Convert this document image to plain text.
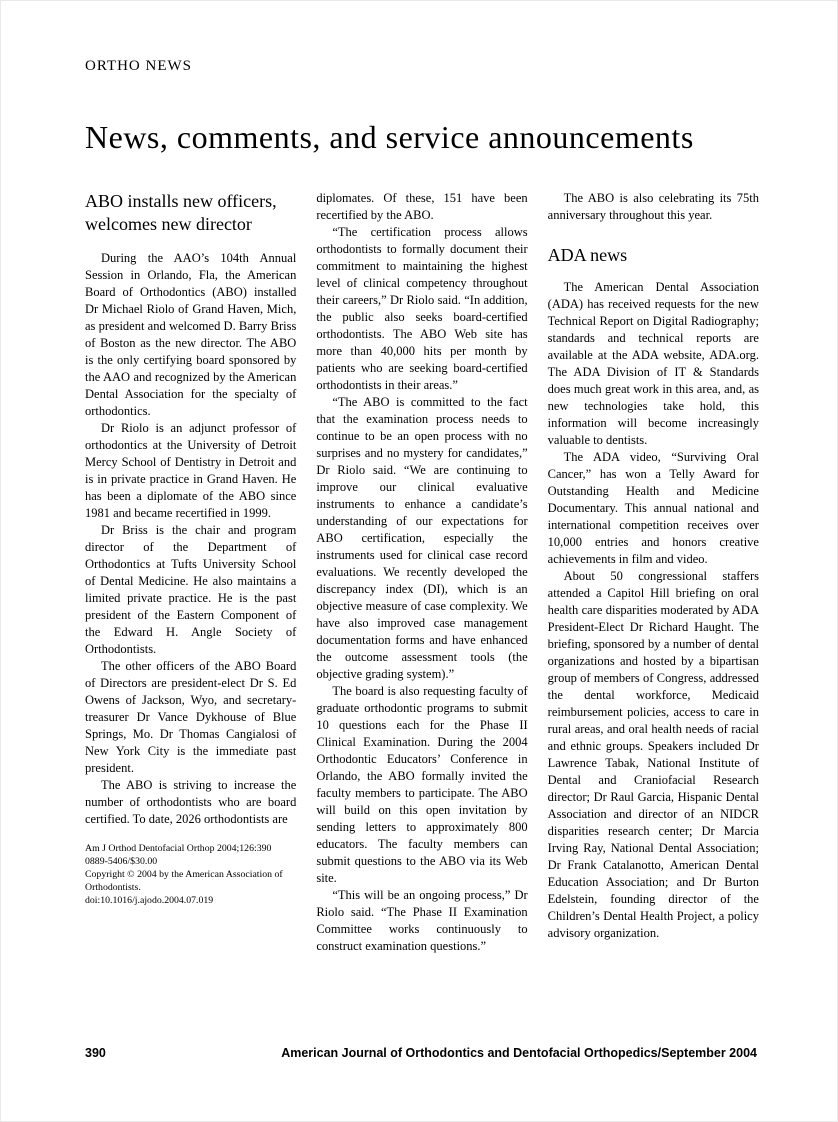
ORTHO NEWS
News, comments, and service announcements
ABO installs new officers, welcomes new director

During the AAO’s 104th Annual Session in Orlando, Fla, the American Board of Orthodontics (ABO) installed Dr Michael Riolo of Grand Haven, Mich, as president and welcomed D. Barry Briss of Boston as the new director. The ABO is the only certifying board sponsored by the AAO and recognized by the American Dental Association for the specialty of orthodontics.

Dr Riolo is an adjunct professor of orthodontics at the University of Detroit Mercy School of Dentistry in Detroit and is in private practice in Grand Haven. He has been a diplomate of the ABO since 1981 and became recertified in 1999.

Dr Briss is the chair and program director of the Department of Orthodontics at Tufts University School of Dental Medicine. He also maintains a limited private practice. He is the past president of the Eastern Component of the Edward H. Angle Society of Orthodontists.

The other officers of the ABO Board of Directors are president-elect Dr S. Ed Owens of Jackson, Wyo, and secretary-treasurer Dr Vance Dykhouse of Blue Springs, Mo. Dr Thomas Cangialosi of New York City is the immediate past president.

The ABO is striving to increase the number of orthodontists who are board certified. To date, 2026 orthodontists are

Am J Orthod Dentofacial Orthop 2004;126:390
0889-5406/$30.00
Copyright © 2004 by the American Association of Orthodontists.
doi:10.1016/j.ajodo.2004.07.019

diplomates. Of these, 151 have been recertified by the ABO.

“The certification process allows orthodontists to formally document their commitment to maintaining the highest level of clinical competency throughout their careers,” Dr Riolo said. “In addition, the public also seeks board-certified orthodontists. The ABO Web site has more than 40,000 hits per month by patients who are seeking board-certified orthodontists in their areas.”

“The ABO is committed to the fact that the examination process needs to continue to be an open process with no surprises and no mystery for candidates,” Dr Riolo said. “We are continuing to improve our clinical evaluative instruments to enhance a candidate’s understanding of our expectations for ABO certification, especially the instruments used for clinical case record evaluations. We recently developed the discrepancy index (DI), which is an objective measure of case complexity. We have also improved case management documentation forms and have enhanced the outcome assessment tools (the objective grading system).”

The board is also requesting faculty of graduate orthodontic programs to submit 10 questions each for the Phase II Clinical Examination. During the 2004 Orthodontic Educators’ Conference in Orlando, the ABO formally invited the faculty members to participate. The ABO will build on this open invitation by sending letters to approximately 800 educators. The faculty members can submit questions to the ABO via its Web site.

“This will be an ongoing process,” Dr Riolo said. “The Phase II Examination Committee works continuously to construct examination questions.”

The ABO is also celebrating its 75th anniversary throughout this year.

ADA news

The American Dental Association (ADA) has received requests for the new Technical Report on Digital Radiography; standards and technical reports are available at the ADA website, ADA.org. The ADA Division of IT & Standards does much great work in this area, and, as new technologies take hold, this information will become increasingly valuable to dentists.

The ADA video, “Surviving Oral Cancer,” has won a Telly Award for Outstanding Health and Medicine Documentary. This annual national and international competition receives over 10,000 entries and honors creative achievements in film and video.

About 50 congressional staffers attended a Capitol Hill briefing on oral health care disparities moderated by ADA President-Elect Dr Richard Haught. The briefing, sponsored by a number of dental organizations and hosted by a bipartisan group of members of Congress, addressed the dental workforce, Medicaid reimbursement policies, access to care in rural areas, and oral health needs of racial and ethnic groups. Speakers included Dr Lawrence Tabak, National Institute of Dental and Craniofacial Research director; Dr Raul Garcia, Hispanic Dental Association and director of an NIDCR disparities research center; Dr Marcia Irving Ray, National Dental Association; Dr Frank Catalanotto, American Dental Education Association; and Dr Burton Edelstein, founding director of the Children’s Dental Health Project, a policy advisory organization.

390	American Journal of Orthodontics and Dentofacial Orthopedics/September 2004
